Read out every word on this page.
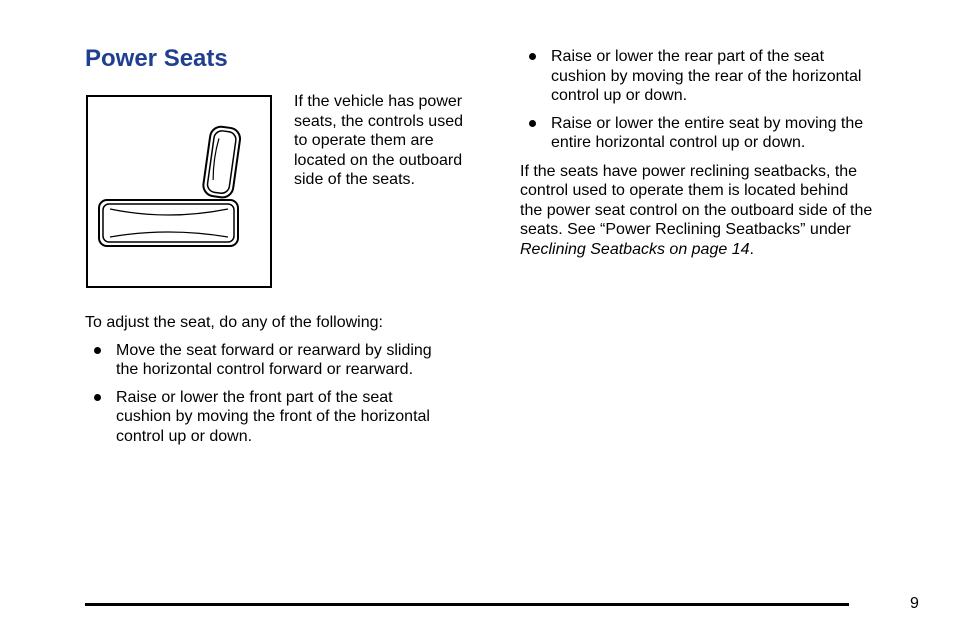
Power Seats

If the vehicle has power
seats, the controls used
to operate them are
located on the outboard
side of the seats.

To adjust the seat, do any of the following:

Move the seat forward or rearward by sliding
the horizontal control forward or rearward.
Raise or lower the front part of the seat
cushion by moving the front of the horizontal
control up or down.
Raise or lower the rear part of the seat
cushion by moving the rear of the horizontal
control up or down.
Raise or lower the entire seat by moving the
entire horizontal control up or down.

If the seats have power reclining seatbacks, the
control used to operate them is located behind
the power seat control on the outboard side of the
seats. See “Power Reclining Seatbacks” under
Reclining Seatbacks on page 14.

9
